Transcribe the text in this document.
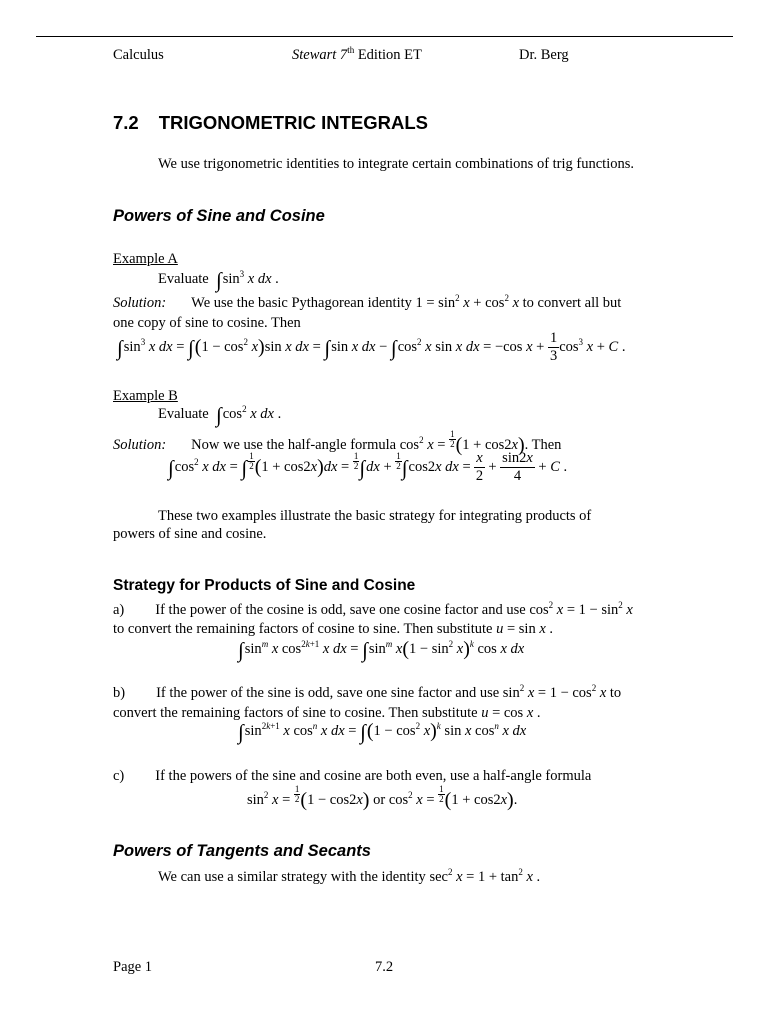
Calculus	Stewart 7th Edition ET	Dr. Berg
7.2 TRIGONOMETRIC INTEGRALS
We use trigonometric identities to integrate certain combinations of trig functions.
Powers of Sine and Cosine
Example A
Evaluate $\int\sin^3$ x dx .
Solution: We use the basic Pythagorean identity $1 = \sin^2 x + \cos^2 x$ to convert all but
one copy of sine to cosine. Then
$\int\sin^3$ x dx = $\int(1 - \cos^2 x)\sin$ x dx = ∫sin x dx − $\int\cos^2$ x sin x dx = −cos $x + \frac{1}{3} \cos^3 x + C$ .
Example B
Evaluate $\int\cos^2$ x dx .
Solution: Now we use the half-angle formula $\cos^2 x = \frac{1}{2} (1 + \cos 2x)$. Then
$\int\cos^2$ x dx = ∫ $\frac{1}{2} (1 + \cos 2x)dx = \frac{1}{2} \int dx + \frac{1}{2} \int\cos 2x$ dx = $\frac{x}{2} + \frac{\sin 2x}{4} + C$ .
These two examples illustrate the basic strategy for integrating products of
powers of sine and cosine.
Strategy for Products of Sine and Cosine
a) If the power of the cosine is odd, save one cosine factor and use $\cos^2 x = 1 - \sin^2 x$
to convert the remaining factors of cosine to sine. Then substitute u = sin x .
$\int\sin^m$ x $\cos^{2k+1} x$ dx = $\int\sin^m$ $x(1 - \sin^2 x)^k$ cos x dx
b) If the power of the sine is odd, save one sine factor and use $\sin^2 x = 1 - \cos^2 x$ to
convert the remaining factors of sine to cosine. Then substitute u = cos x .
$\int\sin^{2k+1}$ x $\cos^n x$ dx = $\int(1 - \cos^2 x)^k$ sin x $\cos^n x$ dx
c) If the powers of the sine and cosine are both even, use a half-angle formula
$\sin^2 x = \frac{1}{2} (1 - \cos 2x)$ or $\cos^2 x = \frac{1}{2} (1 + \cos 2x)$.
Powers of Tangents and Secants
We can use a similar strategy with the identity $\sec^2 x = 1 + \tan^2 x$ .
Page 1	7.2
